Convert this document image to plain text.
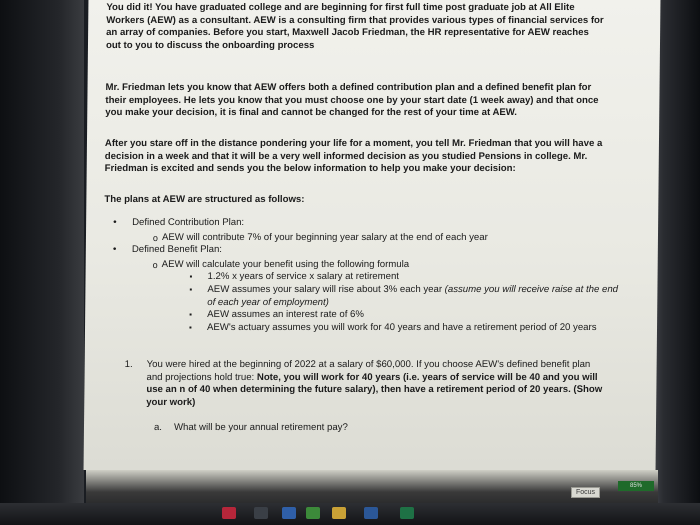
You did it! You have graduated college and are beginning for first full time post graduate job at All Elite Workers (AEW) as a consultant. AEW is a consulting firm that provides various types of financial services for an array of companies. Before you start, Maxwell Jacob Friedman, the HR representative for AEW reaches out to you to discuss the onboarding process
Mr. Friedman lets you know that AEW offers both a defined contribution plan and a defined benefit plan for their employees. He lets you know that you must choose one by your start date (1 week away) and that once you make your decision, it is final and cannot be changed for the rest of your time at AEW.
After you stare off in the distance pondering your life for a moment, you tell Mr. Friedman that you will have a decision in a week and that it will be a very well informed decision as you studied Pensions in college. Mr. Friedman is excited and sends you the below information to help you make your decision:
The plans at AEW are structured as follows:
• Defined Contribution Plan:
o AEW will contribute 7% of your beginning year salary at the end of each year
• Defined Benefit Plan:
o AEW will calculate your benefit using the following formula
▪ 1.2% x years of service x salary at retirement
▪ AEW assumes your salary will rise about 3% each year (assume you will receive raise at the end of each year of employment)
▪ AEW assumes an interest rate of 6%
▪ AEW's actuary assumes you will work for 40 years and have a retirement period of 20 years
1.	You were hired at the beginning of 2022 at a salary of $60,000. If you choose AEW's defined benefit plan and projections hold true: Note, you will work for 40 years (i.e. years of service will be 40 and you will use an n of 40 when determining the future salary), then have a retirement period of 20 years. (Show your work)
a.	What will be your annual retirement pay?
Focus
85%
